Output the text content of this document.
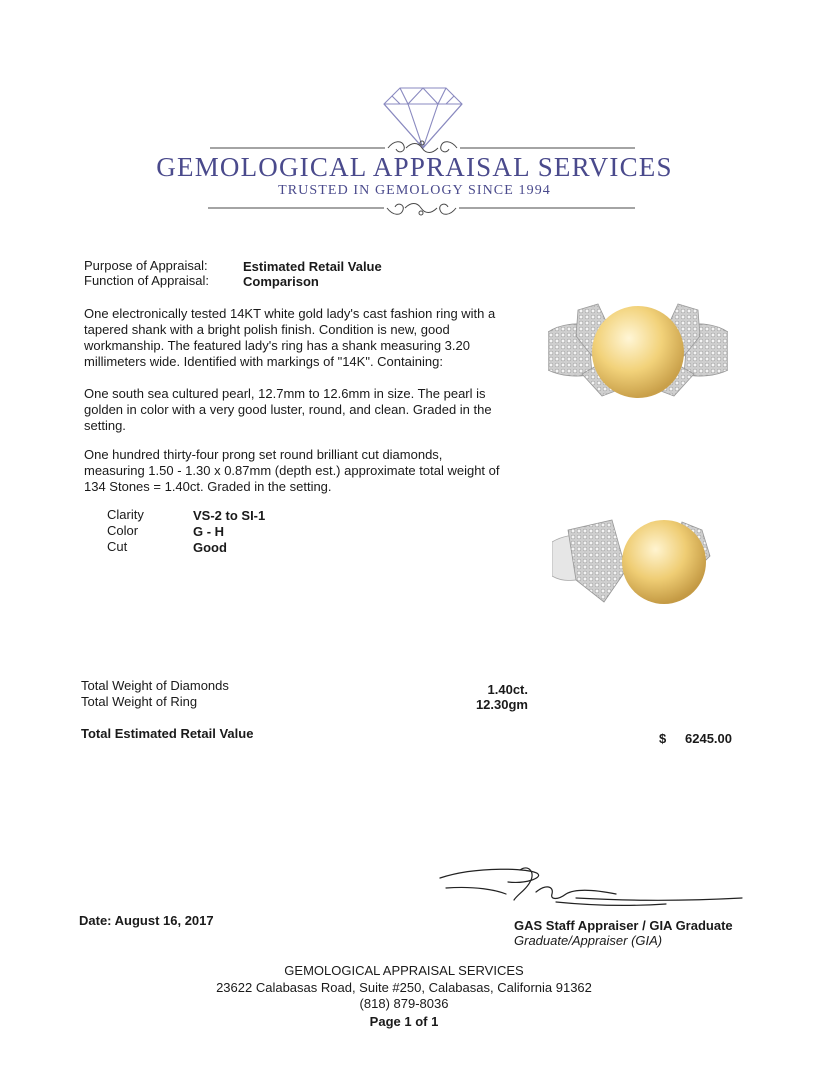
GEMOLOGICAL APPRAISAL SERVICES
TRUSTED IN GEMOLOGY SINCE 1994
Purpose of Appraisal:	Estimated Retail Value
Function of Appraisal:	Comparison
One electronically tested 14KT white gold lady's cast fashion ring with a tapered shank with a bright polish finish. Condition is new, good workmanship. The featured lady's ring has a shank measuring 3.20 millimeters wide. Identified with markings of "14K". Containing:
One south sea cultured pearl, 12.7mm to 12.6mm in size. The pearl is golden in color with a very good luster, round, and clean. Graded in the setting.
One hundred thirty-four prong set round brilliant cut diamonds, measuring 1.50 - 1.30 x 0.87mm (depth est.) approximate total weight of 134 Stones = 1.40ct. Graded in the setting.
Clarity	VS-2 to SI-1
Color	G - H
Cut	Good
Total Weight of Diamonds	1.40ct.
Total Weight of Ring	12.30gm
Total Estimated Retail Value	$	6245.00
Date: August 16, 2017	GAS Staff Appraiser / GIA Graduate
Graduate/Appraiser (GIA)
GEMOLOGICAL APPRAISAL SERVICES
23622 Calabasas Road, Suite #250, Calabasas, California 91362
(818) 879-8036
Page 1 of 1
